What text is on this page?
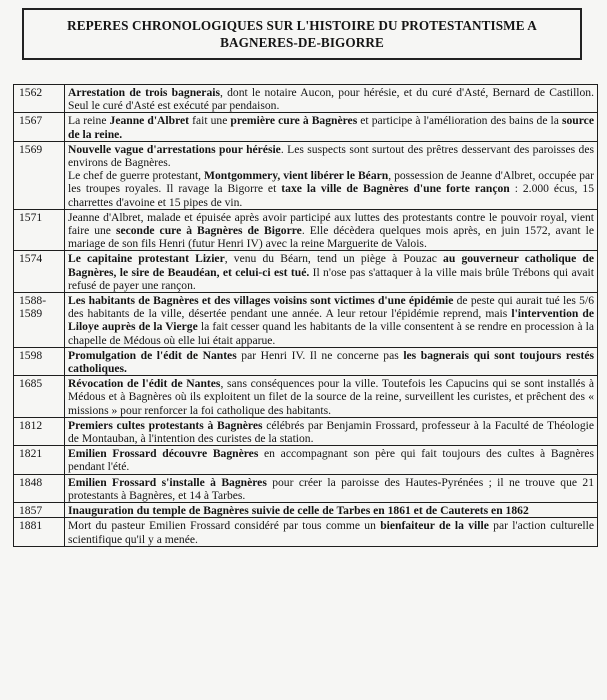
REPERES CHRONOLOGIQUES SUR L'HISTOIRE DU PROTESTANTISME A
BAGNERES-DE-BIGORRE
1562	Arrestation de trois bagnerais, dont le notaire Aucon, pour hérésie, et du curé d'Asté, Bernard de Castillon. Seul le curé d'Asté est exécuté par pendaison.
1567	La reine Jeanne d'Albret fait une première cure à Bagnères et participe à l'amélioration des bains de la source de la reine.
1569	Nouvelle vague d'arrestations pour hérésie. Les suspects sont surtout des prêtres desservant des paroisses des environs de Bagnères.
Le chef de guerre protestant, Montgommery, vient libérer le Béarn, possession de Jeanne d'Albret, occupée par les troupes royales. Il ravage la Bigorre et taxe la ville de Bagnères d'une forte rançon : 2.000 écus, 15 charrettes d'avoine et 15 pipes de vin.
1571	Jeanne d'Albret, malade et épuisée après avoir participé aux luttes des protestants contre le pouvoir royal, vient faire une seconde cure à Bagnères de Bigorre. Elle décèdera quelques mois après, en juin 1572, avant le mariage de son fils Henri (futur Henri IV) avec la reine Marguerite de Valois.
1574	Le capitaine protestant Lizier, venu du Béarn, tend un piège à Pouzac au gouverneur catholique de Bagnères, le sire de Beaudéan, et celui-ci est tué. Il n'ose pas s'attaquer à la ville mais brûle Trébons qui avait refusé de payer une rançon.
1588-1589	Les habitants de Bagnères et des villages voisins sont victimes d'une épidémie de peste qui aurait tué les 5/6 des habitants de la ville, désertée pendant une année. A leur retour l'épidémie reprend, mais l'intervention de Liloye auprès de la Vierge la fait cesser quand les habitants de la ville consentent à se rendre en procession à la chapelle de Médous où elle lui était apparue.
1598	Promulgation de l'édit de Nantes par Henri IV. Il ne concerne pas les bagnerais qui sont toujours restés catholiques.
1685	Révocation de l'édit de Nantes, sans conséquences pour la ville. Toutefois les Capucins qui se sont installés à Médous et à Bagnères où ils exploitent un filet de la source de la reine, surveillent les curistes, et prêchent des « missions » pour renforcer la foi catholique des habitants.
1812	Premiers cultes protestants à Bagnères célébrés par Benjamin Frossard, professeur à la Faculté de Théologie de Montauban, à l'intention des curistes de la station.
1821	Emilien Frossard découvre Bagnères en accompagnant son père qui fait toujours des cultes à Bagnères pendant l'été.
1848	Emilien Frossard s'installe à Bagnères pour créer la paroisse des Hautes-Pyrénées ; il ne trouve que 21 protestants à Bagnères, et 14 à Tarbes.
1857	Inauguration du temple de Bagnères suivie de celle de Tarbes en 1861 et de Cauterets en 1862
1881	Mort du pasteur Emilien Frossard considéré par tous comme un bienfaiteur de la ville par l'action culturelle scientifique qu'il y a menée.
